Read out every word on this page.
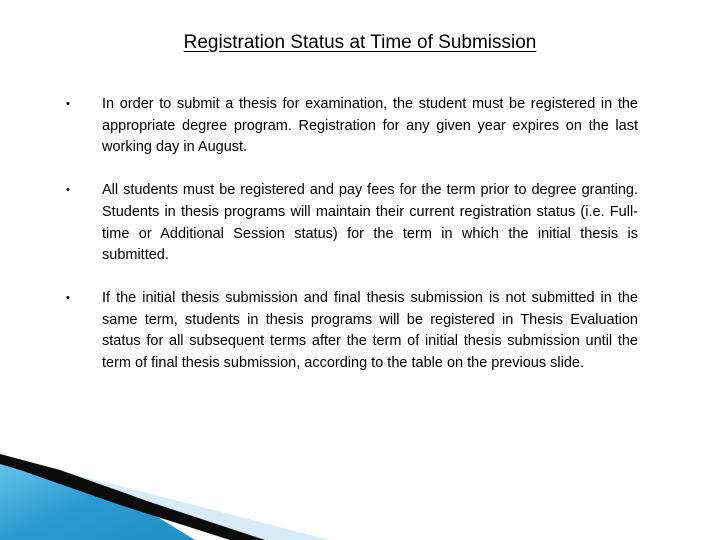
Registration Status at Time of Submission
• In order to submit a thesis for examination, the student must be registered in the appropriate degree program. Registration for any given year expires on the last working day in August.
• All students must be registered and pay fees for the term prior to degree granting. Students in thesis programs will maintain their current registration status (i.e. Full-time or Additional Session status) for the term in which the initial thesis is submitted.
• If the initial thesis submission and final thesis submission is not submitted in the same term, students in thesis programs will be registered in Thesis Evaluation status for all subsequent terms after the term of initial thesis submission until the term of final thesis submission, according to the table on the previous slide.
